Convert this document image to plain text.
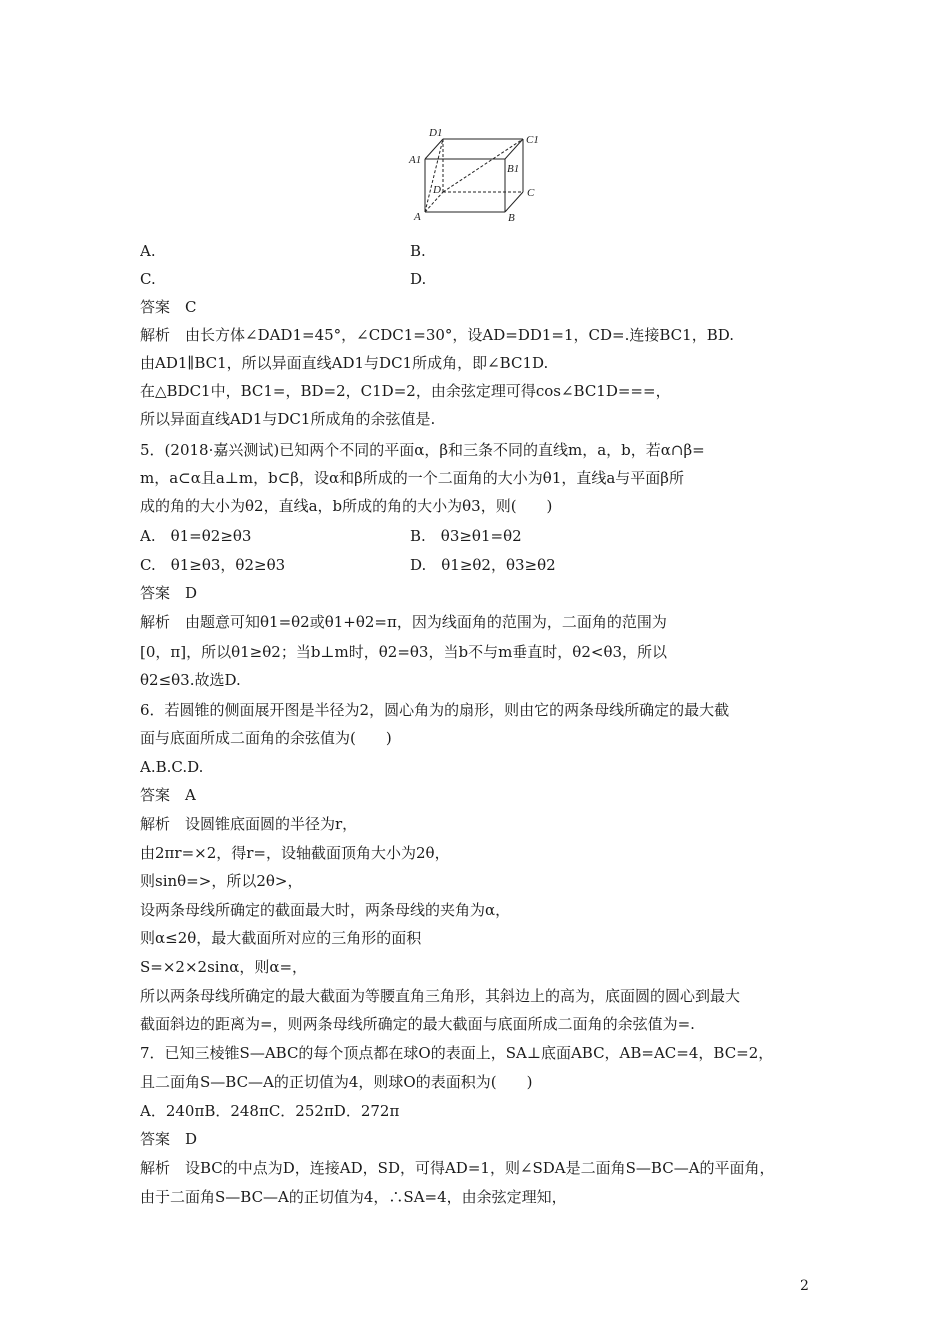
D1
C1
A1
B1
D	C
A	B
A.	B.
C.	D.
答案　C
解析　由长方体∠DAD1=45°，∠CDC1=30°，设AD=DD1=1，CD=.连接BC1，BD.
由AD1∥BC1，所以异面直线AD1与DC1所成角，即∠BC1D.
在△BDC1中，BC1=，BD=2，C1D=2，由余弦定理可得cos∠BC1D===，
所以异面直线AD1与DC1所成角的余弦值是.
5．(2018·嘉兴测试)已知两个不同的平面α，β和三条不同的直线m，a，b，若α∩β=
m，a⊂α且a⊥m，b⊂β，设α和β所成的一个二面角的大小为θ1，直线a与平面β所
成的角的大小为θ2，直线a，b所成的角的大小为θ3，则(　　)
A.　θ1=θ2≥θ3	B.　θ3≥θ1=θ2
C.　θ1≥θ3，θ2≥θ3	D.　θ1≥θ2，θ3≥θ2
答案　D
解析　由题意可知θ1=θ2或θ1+θ2=π，因为线面角的范围为，二面角的范围为
[0，π]，所以θ1≥θ2；当b⊥m时，θ2=θ3，当b不与m垂直时，θ2<θ3，所以
θ2≤θ3.故选D.
6．若圆锥的侧面展开图是半径为2，圆心角为的扇形，则由它的两条母线所确定的最大截
面与底面所成二面角的余弦值为(　　)
A.B.C.D.
答案　A
解析　设圆锥底面圆的半径为r，
由2πr=×2，得r=，设轴截面顶角大小为2θ，
则sinθ=>，所以2θ>，
设两条母线所确定的截面最大时，两条母线的夹角为α，
则α≤2θ，最大截面所对应的三角形的面积
S=×2×2sinα，则α=，
所以两条母线所确定的最大截面为等腰直角三角形，其斜边上的高为，底面圆的圆心到最大
截面斜边的距离为=，则两条母线所确定的最大截面与底面所成二面角的余弦值为=.
7．已知三棱锥S—ABC的每个顶点都在球O的表面上，SA⊥底面ABC，AB=AC=4，BC=2，
且二面角S—BC—A的正切值为4，则球O的表面积为(　　)
A．240πB．248πC．252πD．272π
答案　D
解析　设BC的中点为D，连接AD，SD，可得AD=1，则∠SDA是二面角S—BC—A的平面角，
由于二面角S—BC—A的正切值为4，∴SA=4，由余弦定理知，
2
